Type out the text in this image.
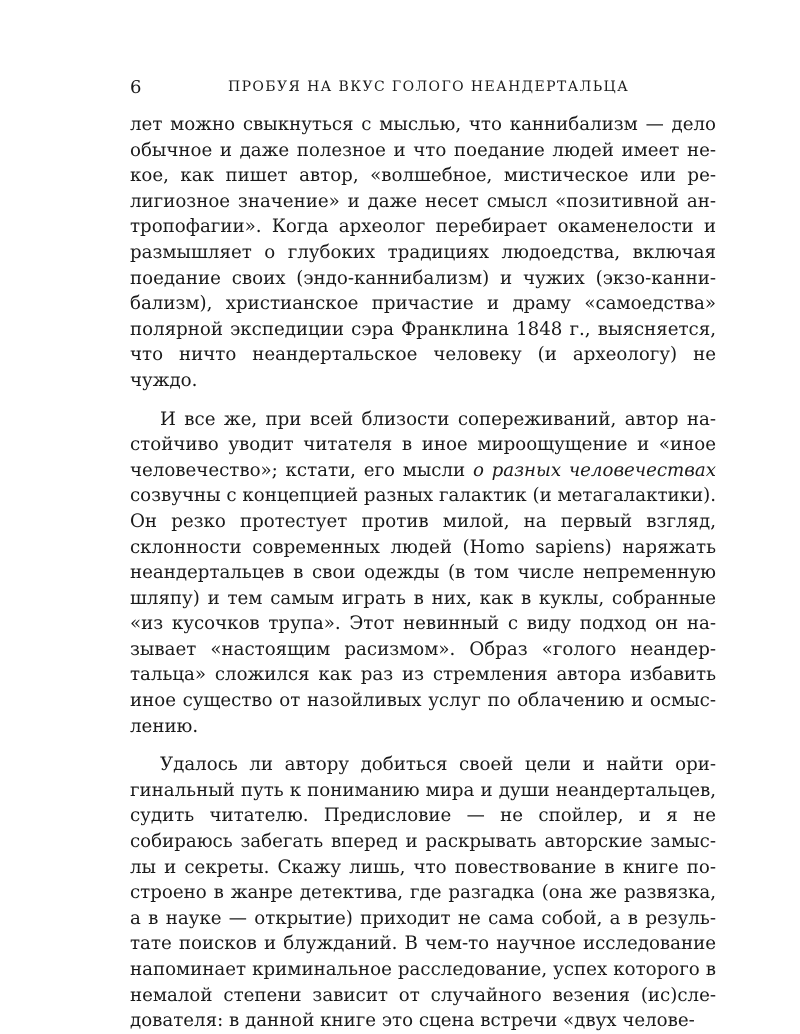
6	ПРОБУЯ НА ВКУС ГОЛОГО НЕАНДЕРТАЛЬЦА

лет можно свыкнуться с мыслью, что каннибализм — дело обычное и даже полезное и что поедание людей имеет некое, как пишет автор, «волшебное, мистическое или религиозное значение» и даже несет смысл «позитивной антропофагии». Когда археолог перебирает окаменелости и размышляет о глубоких традициях людоедства, включая поедание своих (эндо-каннибализм) и чужих (экзо-каннибализм), христианское причастие и драму «самоедства» полярной экспедиции сэра Франклина 1848 г., выясняется, что ничто неандертальское человеку (и археологу) не чуждо.

И все же, при всей близости сопереживаний, автор настойчиво уводит читателя в иное мироощущение и «иное человечество»; кстати, его мысли о разных человечествах созвучны с концепцией разных галактик (и метагалактики). Он резко протестует против милой, на первый взгляд, склонности современных людей (Homo sapiens) наряжать неандертальцев в свои одежды (в том числе непременную шляпу) и тем самым играть в них, как в куклы, собранные «из кусочков трупа». Этот невинный с виду подход он называет «настоящим расизмом». Образ «голого неандертальца» сложился как раз из стремления автора избавить иное существо от назойливых услуг по облачению и осмыслению.

Удалось ли автору добиться своей цели и найти оригинальный путь к пониманию мира и души неандертальцев, судить читателю. Предисловие — не спойлер, и я не собираюсь забегать вперед и раскрывать авторские замыслы и секреты. Скажу лишь, что повествование в книге построено в жанре детектива, где разгадка (она же развязка, а в науке — открытие) приходит не сама собой, а в результате поисков и блужданий. В чем-то научное исследование напоминает криминальное расследование, успех которого в немалой степени зависит от случайного везения (ис)следователя: в данной книге это сцена встречи «двух челове-
